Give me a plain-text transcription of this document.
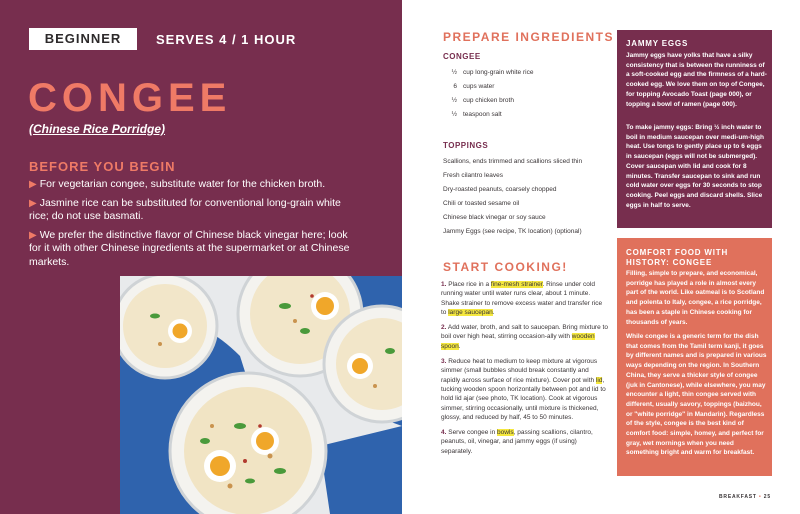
BEGINNER	SERVES 4 / 1 HOUR
CONGEE
(Chinese Rice Porridge)
BEFORE YOU BEGIN
▶ For vegetarian congee, substitute water for the chicken broth.
▶ Jasmine rice can be substituted for conventional long-grain white rice; do not use basmati.
▶ We prefer the distinctive flavor of Chinese black vinegar here; look for it with other Chinese ingredients at the supermarket or at Chinese markets.
PREPARE INGREDIENTS
CONGEE
½ cup long-grain white rice
6 cups water
½ cup chicken broth
½ teaspoon salt
TOPPINGS
Scallions, ends trimmed and scallions sliced thin
Fresh cilantro leaves
Dry-roasted peanuts, coarsely chopped
Chili or toasted sesame oil
Chinese black vinegar or soy sauce
Jammy Eggs (see recipe, TK location) (optional)
START COOKING!
1. Place rice in a fine-mesh strainer. Rinse under cold running water until water runs clear, about 1 minute. Shake strainer to remove excess water and transfer rice to large saucepan.
2. Add water, broth, and salt to saucepan. Bring mixture to boil over high heat, stirring occasion-ally with wooden spoon.
3. Reduce heat to medium to keep mixture at vigorous simmer (small bubbles should break constantly and rapidly across surface of rice mixture). Cover pot with lid, tucking wooden spoon horizontally between pot and lid to hold lid ajar (see photo, TK location). Cook at vigorous simmer, stirring occasionally, until mixture is thickened, glossy, and reduced by half, 45 to 50 minutes.
4. Serve congee in bowls, passing scallions, cilantro, peanuts, oil, vinegar, and jammy eggs (if using) separately.
JAMMY EGGS

Jammy eggs have yolks that have a silky consistency that is between the runniness of a soft-cooked egg and the firmness of a hard-cooked egg. We love them on top of Congee, for topping Avocado Toast (page 000), or topping a bowl of ramen (page 000).

To make jammy eggs: Bring ½ inch water to boil in medium saucepan over medi-um-high heat. Use tongs to gently place up to 6 eggs in saucepan (eggs will not be submerged). Cover saucepan with lid and cook for 8 minutes. Transfer saucepan to sink and run cold water over eggs for 30 seconds to stop cooking. Peel eggs and discard shells. Slice eggs in half to serve.

COMFORT FOOD WITH HISTORY: CONGEE

Filling, simple to prepare, and economical, porridge has played a role in almost every part of the world. Like oatmeal is to Scotland and polenta to Italy, congee, a rice porridge, has been a staple in Chinese cooking for thousands of years.

While congee is a generic term for the dish that comes from the Tamil term kanji, it goes by different names and is prepared in various ways depending on the region. In Southern China, they serve a thicker style of congee (juk in Cantonese), while elsewhere, you may encounter a light, thin congee served with different, usually savory, toppings (baizhou, or "white porridge" in Mandarin). Regardless of the style, congee is the best kind of comfort food: simple, homey, and perfect for gray, wet mornings when you need something bright and warm for breakfast.

BREAKFAST • 25
